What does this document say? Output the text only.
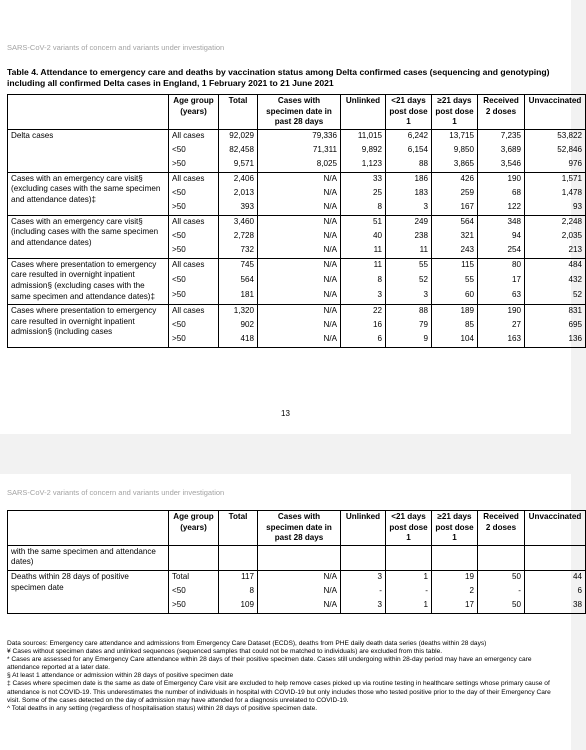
SARS-CoV-2 variants of concern and variants under investigation
Table 4. Attendance to emergency care and deaths by vaccination status among Delta confirmed cases (sequencing and genotyping) including all confirmed Delta cases in England, 1 February 2021 to 21 June 2021
	Age group (years)	Total	Cases with specimen date in past 28 days	Unlinked	<21 days post dose 1	≥21 days post dose 1	Received 2 doses	Unvaccinated
Delta cases	All cases	92,029	79,336	11,015	6,242	13,715	7,235	53,822
	<50	82,458	71,311	9,892	6,154	9,850	3,689	52,846
	>50	9,571	8,025	1,123	88	3,865	3,546	976
Cases with an emergency care visit§ (excluding cases with the same specimen and attendance dates)‡	All cases	2,406	N/A	33	186	426	190	1,571
	<50	2,013	N/A	25	183	259	68	1,478
	>50	393	N/A	8	3	167	122	93
Cases with an emergency care visit§ (including cases with the same specimen and attendance dates)	All cases	3,460	N/A	51	249	564	348	2,248
	<50	2,728	N/A	40	238	321	94	2,035
	>50	732	N/A	11	11	243	254	213
Cases where presentation to emergency care resulted in overnight inpatient admission§ (excluding cases with the same specimen and attendance dates)‡	All cases	745	N/A	11	55	115	80	484
	<50	564	N/A	8	52	55	17	432
	>50	181	N/A	3	3	60	63	52
Cases where presentation to emergency care resulted in overnight inpatient admission§ (including cases	All cases	1,320	N/A	22	88	189	190	831
	<50	902	N/A	16	79	85	27	695
	>50	418	N/A	6	9	104	163	136
13
SARS-CoV-2 variants of concern and variants under investigation
	Age group (years)	Total	Cases with specimen date in past 28 days	Unlinked	<21 days post dose 1	≥21 days post dose 1	Received 2 doses	Unvaccinated
with the same specimen and attendance dates)								
Deaths within 28 days of positive specimen date	Total	117	N/A	3	1	19	50	44
	<50	8	N/A	-	-	2	-	6
	>50	109	N/A	3	1	17	50	38
Data sources: Emergency care attendance and admissions from Emergency Care Dataset (ECDS), deaths from PHE daily death data series (deaths within 28 days)
¥ Cases without specimen dates and unlinked sequences (sequenced samples that could not be matched to individuals) are excluded from this table.
* Cases are assessed for any Emergency Care attendance within 28 days of their positive specimen date. Cases still undergoing within 28-day period may have an emergency care attendance reported at a later date.
§ At least 1 attendance or admission within 28 days of positive specimen date
‡ Cases where specimen date is the same as date of Emergency Care visit are excluded to help remove cases picked up via routine testing in healthcare settings whose primary cause of attendance is not COVID-19. This underestimates the number of individuals in hospital with COVID-19 but only includes those who tested positive prior to the day of their Emergency Care visit. Some of the cases detected on the day of admission may have attended for a diagnosis unrelated to COVID-19.
^ Total deaths in any setting (regardless of hospitalisation status) within 28 days of positive specimen date.
